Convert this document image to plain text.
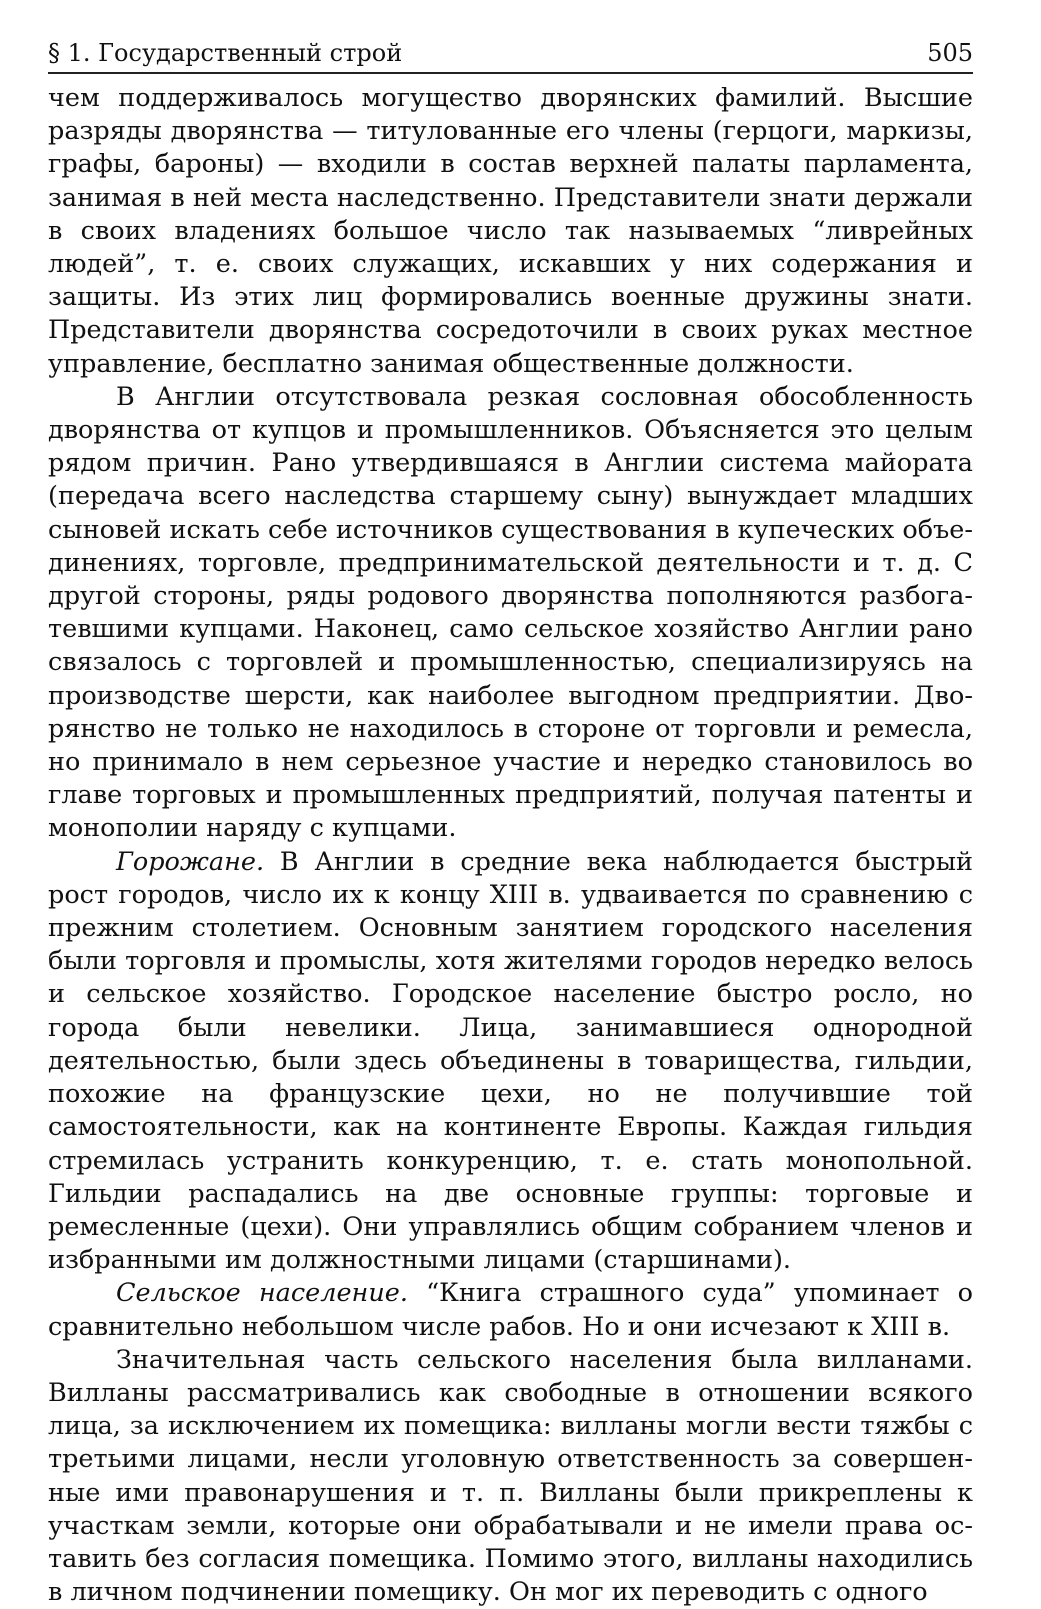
§ 1. Государственный строй	505

чем поддерживалось могущество дворянских фамилий. Высшие разряды дворянства — титулованные его члены (герцоги, маркизы, графы, бароны) — входили в состав верхней палаты парламента, занимая в ней места наследственно. Представители знати держали в своих владениях большое число так называемых “ливрейных людей”, т. е. своих служащих, искавших у них содержания и защиты. Из этих лиц формировались военные дружины знати. Представители дворянства сосредоточили в своих руках местное управление, бесплатно занимая общественные должности.

В Англии отсутствовала резкая сословная обособленность дворянства от купцов и промышленников. Объясняется это целым рядом причин. Рано утвердившаяся в Англии система майората (передача всего наследства старшему сыну) вынуждает младших сыновей искать себе источников существования в купеческих объединениях, торговле, предпринимательской деятельности и т. д. С другой стороны, ряды родового дворянства пополняются разбогатевшими купцами. Наконец, само сельское хозяйство Англии рано связалось с торговлей и промышленностью, специализируясь на производстве шерсти, как наиболее выгодном предприятии. Дворянство не только не находилось в стороне от торговли и ремесла, но принимало в нем серьезное участие и нередко становилось во главе торговых и промышленных предприятий, получая патенты и монополии наряду с купцами.

Горожане. В Англии в средние века наблюдается быстрый рост городов, число их к концу XIII в. удваивается по сравнению с прежним столетием. Основным занятием городского населения были торговля и промыслы, хотя жителями городов нередко велось и сельское хозяйство. Городское население быстро росло, но города были невелики. Лица, занимавшиеся однородной деятельностью, были здесь объединены в товарищества, гильдии, похожие на французские цехи, но не получившие той самостоятельности, как на континенте Европы. Каждая гильдия стремилась устранить конкуренцию, т. е. стать монопольной. Гильдии распадались на две основные группы: торговые и ремесленные (цехи). Они управлялись общим собранием членов и избранными им должностными лицами (старшинами).

Сельское население. “Книга страшного суда” упоминает о сравнительно небольшом числе рабов. Но и они исчезают к XIII в.

Значительная часть сельского населения была вилланами. Вилланы рассматривались как свободные в отношении всякого лица, за исключением их помещика: вилланы могли вести тяжбы с третьими лицами, несли уголовную ответственность за совершенные ими правонарушения и т. п. Вилланы были прикреплены к участкам земли, которые они обрабатывали и не имели права оставить без согласия помещика. Помимо этого, вилланы находились в личном подчинении помещику. Он мог их переводить с одного
